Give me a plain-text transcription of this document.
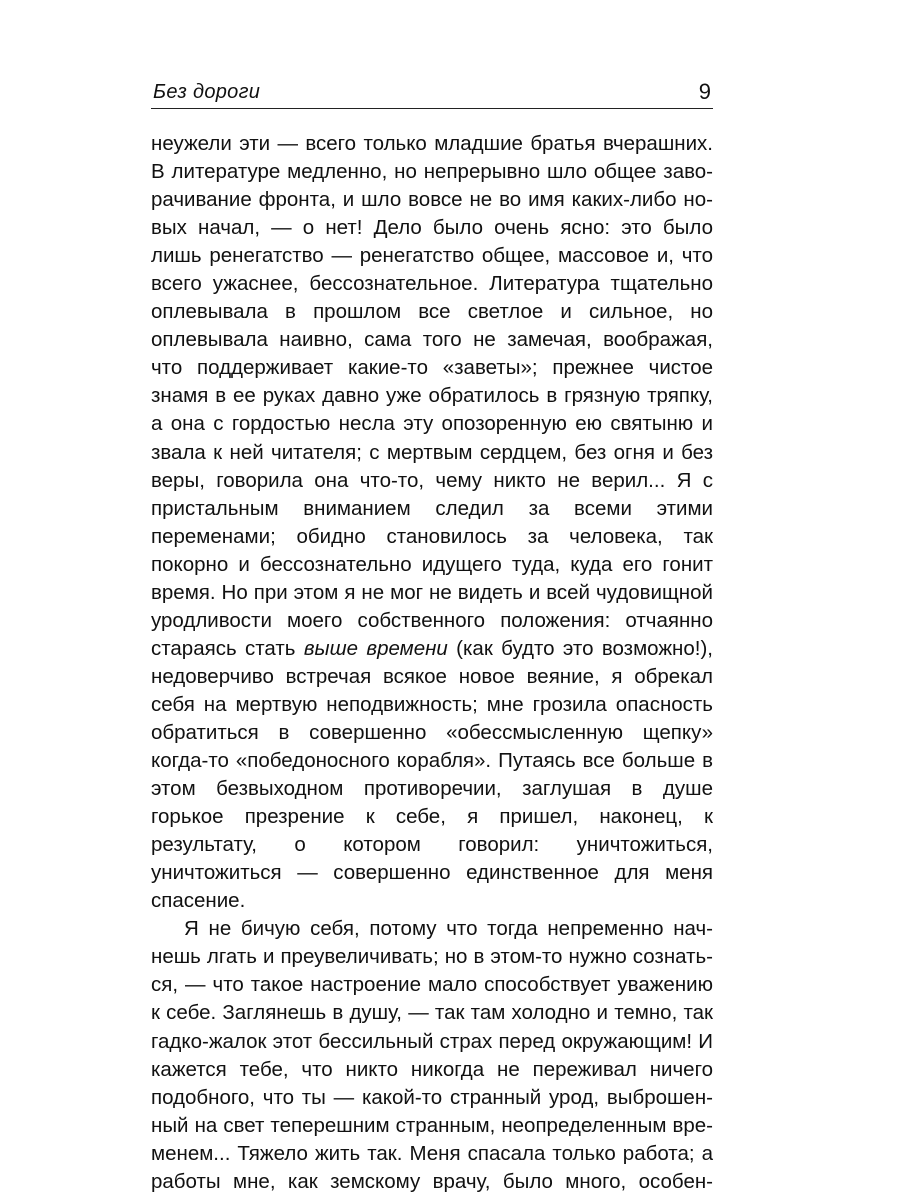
Без дороги	9

неужели эти — всего только младшие братья вчерашних. В литературе медленно, но непрерывно шло общее заворачивание фронта, и шло вовсе не во имя каких-либо новых начал, — о нет! Дело было очень ясно: это было лишь ренегатство — ренегатство общее, массовое и, что всего ужаснее, бессознательное. Литература тщательно оплевывала в прошлом все светлое и сильное, но оплевывала наивно, сама того не замечая, воображая, что поддерживает какие-то «заветы»; прежнее чистое знамя в ее руках давно уже обратилось в грязную тряпку, а она с гордостью несла эту опозоренную ею святыню и звала к ней читателя; с мертвым сердцем, без огня и без веры, говорила она что-то, чему никто не верил... Я с пристальным вниманием следил за всеми этими переменами; обидно становилось за человека, так покорно и бессознательно идущего туда, куда его гонит время. Но при этом я не мог не видеть и всей чудовищной уродливости моего собственного положения: отчаянно стараясь стать выше времени (как будто это возможно!), недоверчиво встречая всякое новое веяние, я обрекал себя на мертвую неподвижность; мне грозила опасность обратиться в совершенно «обессмысленную щепку» когда-то «победоносного корабля». Путаясь все больше в этом безвыходном противоречии, заглушая в душе горькое презрение к себе, я пришел, наконец, к результату, о котором говорил: уничтожиться, уничтожиться — совершенно единственное для меня спасение.

Я не бичую себя, потому что тогда непременно начнешь лгать и преувеличивать; но в этом-то нужно сознаться, — что такое настроение мало способствует уважению к себе. Заглянешь в душу, — так там холодно и темно, так гадко-жалок этот бессильный страх перед окружающим! И кажется тебе, что никто никогда не переживал ничего подобного, что ты — какой-то странный урод, выброшенный на свет теперешним странным, неопределенным временем... Тяжело жить так. Меня спасала только работа; а работы мне, как земскому врачу, было много, особен-
